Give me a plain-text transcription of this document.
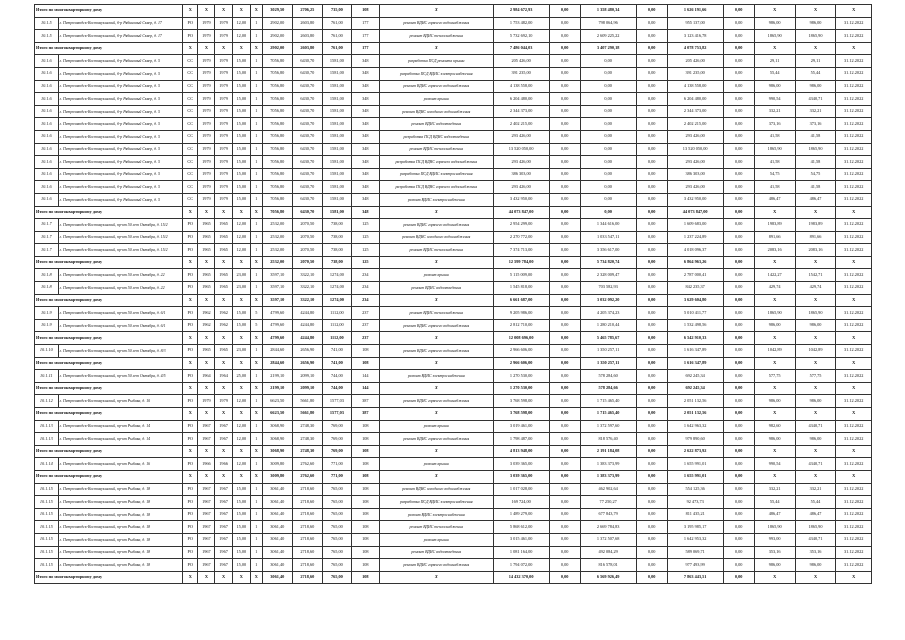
Итого по многоквартирному дому		X	X	X	X	X	3029,50	2706,25	735,00	108	X	2 984 672,93	0,00	1 358 480,34	0,00	1 626 191,66	0,00	X	X	X
10.1.5	г. Петрозаводск-Костомукшский, б-р Рябиновый Сквер, д. 17	РО	1979	1979	12,00	1	2902,00	2603,80	761,00	177	ремонт ВДИС горячего водоснабжения	1 753 482,00	0,00	798 064,96	0,00	955 137,00	0,00	986,00	986,00	31.12.2022
10.1.5	г. Петрозаводск-Костомукшский, б-р Рябиновый Сквер, д. 17	РО	1979	1979	12,00	1	2902,00	2603,80	761,00	177	ремонт ВДИС теплоснабжения	5 732 692,10	0,00	2 609 225,22	0,00	3 123 416,78	0,00	1865,90	1865,90	31.12.2022
Итого по многоквартирному дому		X	X	X	X	X	2902,00	2603,80	761,00	177	X	7 486 044,03	0,00	3 407 290,18	0,00	4 078 753,82	0,00	X	X	X
10.1.6	г. Петрозаводск-Костомукшский, б-р Рябиновый Сквер, д. 5	СС	1979	1979	15,00	1	7056,80	6430,70	1581,00	348	разработка ПСД ремонта крыши	205 426,00	0,00	0,00	0,00	205 426,00	0,00	29,11	29,11	31.12.2022
10.1.6	г. Петрозаводск-Костомукшский, б-р Рябиновый Сквер, д. 5	СС	1979	1979	15,00	1	7056,80	6430,70	1581,00	348	разработка ПСД ВДИС электроснабжения	391 235,00	0,00	0,00	0,00	391 235,00	0,00	55,44	55,44	31.12.2022
10.1.6	г. Петрозаводск-Костомукшский, б-р Рябиновый Сквер, д. 5	СС	1979	1979	15,00	1	7056,80	6430,70	1581,00	348	ремонт ВДИС горячего водоснабжения	4 138 558,00	0,00	0,00	0,00	4 138 558,00	0,00	986,00	986,00	31.12.2022
10.1.6	г. Петрозаводск-Костомукшский, б-р Рябиновый Сквер, д. 5	СС	1979	1979	15,00	1	7056,80	6430,70	1581,00	348	ремонт крыши	6 204 480,00	0,00	0,00	0,00	6 204 480,00	0,00	990,54	4340,71	31.12.2022
10.1.6	г. Петрозаводск-Костомукшский, б-р Рябиновый Сквер, д. 5	СС	1979	1979	15,00	1	7056,80	6430,70	1581,00	348	ремонт ВДИС холодного водоснабжения	2 344 373,00	0,00	0,00	0,00	2 344 373,00	0,00	332,21	332,21	31.12.2022
10.1.6	г. Петрозаводск-Костомукшский, б-р Рябиновый Сквер, д. 5	СС	1979	1979	15,00	1	7056,80	6430,70	1581,00	348	ремонт ВДИС водоотведения	2 402 215,00	0,00	0,00	0,00	2 402 215,00	0,00	373,16	373,16	31.12.2022
10.1.6	г. Петрозаводск-Костомукшский, б-р Рябиновый Сквер, д. 5	СС	1979	1979	15,00	1	7056,80	6430,70	1581,00	348	разработка ПСД ВДИС водоотведения	293 426,00	0,00	0,00	0,00	293 426,00	0,00	41,58	41,58	31.12.2022
10.1.6	г. Петрозаводск-Костомукшский, б-р Рябиновый Сквер, д. 5	СС	1979	1979	15,00	1	7056,80	6430,70	1581,00	348	ремонт ВДИС теплоснабжения	13 520 050,00	0,00	0,00	0,00	13 520 050,00	0,00	1865,90	1865,90	31.12.2022
10.1.6	г. Петрозаводск-Костомукшский, б-р Рябиновый Сквер, д. 5	СС	1979	1979	15,00	1	7056,80	6430,70	1581,00	348	разработка ПСД ВДИС горячего водоснабжения	293 426,00	0,00	0,00	0,00	293 426,00	0,00	41,58	41,58	31.12.2022
10.1.6	г. Петрозаводск-Костомукшский, б-р Рябиновый Сквер, д. 5	СС	1979	1979	15,00	1	7056,80	6430,70	1581,00	348	разработка ПСД ВДИС электроснабжения	386 303,00	0,00	0,00	0,00	386 303,00	0,00	54,75	54,75	31.12.2022
10.1.6	г. Петрозаводск-Костомукшский, б-р Рябиновый Сквер, д. 5	СС	1979	1979	15,00	1	7056,80	6430,70	1581,00	348	разработка ПСД ВДИС горячего водоснабжения	293 426,00	0,00	0,00	0,00	293 426,00	0,00	41,58	41,58	31.12.2022
10.1.6	г. Петрозаводск-Костомукшский, б-р Рябиновый Сквер, д. 5	СС	1979	1979	15,00	1	7056,80	6430,70	1581,00	348	ремонт ВДИС электроснабжения	3 432 950,00	0,00	0,00	0,00	3 432 950,00	0,00	486,47	486,47	31.12.2022
Итого по многоквартирному дому		X	X	X	X	X	7056,80	6430,70	1581,00	348	X	44 073 847,00	0,00	0,00	0,00	44 073 847,00	0,00	X	X	X
10.1.7	г. Петрозаводск-Костомукшский, пр-кт 50 лет Октября, д. 15/2	РО	1965	1965	12,00	1	2532,00	2070,50	738,00	125	ремонт ВДИС горячего водоснабжения	2 954 299,00	0,00	1 344 616,00	0,00	1 609 683,00	0,00	1983,89	1983,89	31.12.2022
10.1.7	г. Петрозаводск-Костомукшский, пр-кт 50 лет Октября, д. 15/2	РО	1965	1965	12,00	1	2532,00	2070,50	738,00	125	ремонт ВДИС холодного водоснабжения	2 270 772,00	0,00	1 033 547,11	0,00	1 237 224,89	0,00	891,66	891,66	31.12.2022
10.1.7	г. Петрозаводск-Костомукшский, пр-кт 50 лет Октября, д. 15/2	РО	1965	1965	12,00	1	2532,00	2070,50	738,00	125	ремонт ВДИС теплоснабжения	7 374 713,00	0,00	3 356 617,00	0,00	4 018 096,37	0,00	2083,16	2083,16	31.12.2022
Итого по многоквартирному дому		X	X	X	X	X	2532,00	2070,50	738,00	125	X	12 599 784,00	0,00	5 734 820,74	0,00	6 864 963,26	0,00	X	X	X
10.1.8	г. Петрозаводск-Костомукшский, пр-кт 50 лет Октября, д. 22	РО	1965	1965	23,00	1	3597,10	3322,10	1274,00	234	ремонт крыши	5 115 009,00	0,00	2 328 009,47	0,00	2 787 000,41	0,00	1422,27	1542,71	31.12.2022
10.1.8	г. Петрозаводск-Костомукшский, пр-кт 50 лет Октября, д. 22	РО	1965	1965	23,00	1	3597,10	3322,10	1274,00	234	ремонт ВДИС водоотведения	1 545 818,00	0,00	703 582,93	0,00	842 235,37	0,00	429,74	429,74	31.12.2022
Итого по многоквартирному дому		X	X	X	X	X	3597,10	3322,10	1274,00	234	X	6 661 687,00	0,00	3 032 092,20	0,00	3 629 604,80	0,00	X	X	X
10.1.9	г. Петрозаводск-Костомукшский, пр-кт 50 лет Октября, д. 6/1	РО	1962	1962	15,00	5	4799,60	4244,80	1112,00	237	ремонт ВДИС теплоснабжения	9 205 986,00	0,00	4 205 374,23	0,00	5 010 411,77	0,00	1865,90	1865,90	31.12.2022
10.1.9	г. Петрозаводск-Костомукшский, пр-кт 50 лет Октября, д. 6/1	РО	1962	1962	15,00	5	4799,60	4244,80	1112,00	237	ремонт ВДИС горячего водоснабжения	2 812 710,00	0,00	1 280 210,44	0,00	1 532 498,56	0,00	986,00	986,00	31.12.2022
Итого по многоквартирному дому		X	X	X	X	X	4799,60	4244,80	1112,00	237	X	12 008 696,00	0,00	5 465 785,67	0,00	6 542 910,33	0,00	X	X	X
10.1.10	г. Петрозаводск-Костомукшский, пр-кт 50 лет Октября, д. 8/3	РО	1965	1965	23,00	1	2844,60	2656,90	741,00	108	ремонт ВДИС горячего водоснабжения	2 966 606,00	0,00	1 350 257,11	0,00	1 616 347,89	0,00	1042,89	1042,89	31.12.2022
Итого по многоквартирному дому		X	X	X	X	X	2844,60	2656,90	741,00	108	X	2 966 606,00	0,00	1 350 257,11	0,00	1 616 347,89	0,00	X	X	X
10.1.11	г. Петрозаводск-Костомукшский, пр-кт 50 лет Октября, д. 4/5	РО	1964	1964	25,00	1	2199,10	2099,10	744,00	144	ремонт ВДИС электроснабжения	1 270 530,00	0,00	578 284,60	0,00	692 245,34	0,00	577,75	577,75	31.12.2022
Итого по многоквартирному дому		X	X	X	X	X	2199,10	2099,10	744,00	144	X	1 270 530,00	0,00	578 284,66	0,00	692 245,34	0,00	X	X	X
10.1.12	г. Петрозаводск-Костомукшский, пр-кт Рыбака, д. 10	РО	1979	1979	12,00	1	6623,50	5661,80	1577,03	387	ремонт ВДИС горячего водоснабжения	3 768 598,00	0,00	1 715 465,40	0,00	2 051 132,56	0,00	986,00	986,00	31.12.2022
Итого по многоквартирному дому		X	X	X	X	X	6623,50	5661,80	1577,03	387	X	3 768 598,00	0,00	1 715 465,40	0,00	2 051 132,56	0,00	X	X	X
10.1.13	г. Петрозаводск-Костомукшский, пр-кт Рыбака, д. 14	РО	1967	1967	12,00	1	3068,90	2748,30	769,00	108	ремонт крыши	3 019 461,00	0,00	1 372 597,60	0,00	1 642 963,32	0,00	982,60	4340,71	31.12.2022
10.1.13	г. Петрозаводск-Костомукшский, пр-кт Рыбака, д. 14	РО	1967	1967	12,00	1	3068,90	2748,30	769,00	108	ремонт ВДИС горячего водоснабжения	1 798 487,00	0,00	818 576,40	0,00	979 890,60	0,00	986,00	986,00	31.12.2022
Итого по многоквартирному дому		X	X	X	X	X	3068,90	2748,30	769,00	108	X	4 813 948,00	0,00	2 191 184,08	0,00	2 622 873,92	0,00	X	X	X
10.1.14	г. Петрозаводск-Костомукшский, пр-кт Рыбака, д. 16	РО	1966	1966	12,00	1	3009,80	2762,60	771,00	108	ремонт крыши	3 039 365,00	0,00	1 383 373,99	0,00	1 655 991,01	0,00	990,54	4340,71	31.12.2022
Итого по многоквартирному дому		X	X	X	X	X	3009,80	2762,60	771,00	108	X	3 039 365,00	0,00	1 383 373,99	0,00	1 655 991,01	0,00	X	X	X
10.1.15	г. Петрозаводск-Костомукшский, пр-кт Рыбака, д. 18	РО	1967	1967	15,00	1	3061,40	2718,60	765,00	108	ремонт ВДИС холодного водоснабжения	1 017 028,00	0,00	462 902,64	0,00	554 125,36	0,00	332,21	332,21	31.12.2022
10.1.15	г. Петрозаводск-Костомукшский, пр-кт Рыбака, д. 18	РО	1967	1967	15,00	1	3061,40	2718,60	765,00	108	разработка ПСД ВДИС электроснабжения	169 724,00	0,00	77 250,27	0,00	92 473,73	0,00	55,44	55,44	31.12.2022
10.1.15	г. Петрозаводск-Костомукшский, пр-кт Рыбака, д. 18	РО	1967	1967	15,00	1	3061,40	2718,60	765,00	108	ремонт ВДИС электроснабжения	1 489 279,00	0,00	677 843,79	0,00	811 435,21	0,00	486,47	486,47	31.12.2022
10.1.15	г. Петрозаводск-Костомукшский, пр-кт Рыбака, д. 18	РО	1967	1967	15,00	1	3061,40	2718,60	765,00	108	ремонт ВДИС теплоснабжения	5 868 612,00	0,00	2 669 784,83	0,00	3 195 985,17	0,00	1865,90	1865,90	31.12.2022
10.1.15	г. Петрозаводск-Костомукшский, пр-кт Рыбака, д. 18	РО	1967	1967	15,00	1	3061,40	2718,60	765,00	108	ремонт крыши	3 015 461,00	0,00	1 372 507,68	0,00	1 642 953,32	0,00	993,00	4340,71	31.12.2022
10.1.15	г. Петрозаводск-Костомукшский, пр-кт Рыбака, д. 18	РО	1967	1967	15,00	1	3061,40	2718,60	765,00	108	ремонт ВДИС водоотведения	1 081 164,00	0,00	492 084,29	0,00	589 069,71	0,00	353,16	353,16	31.12.2022
10.1.15	г. Петрозаводск-Костомукшский, пр-кт Рыбака, д. 18	РО	1967	1967	15,00	1	3061,40	2718,60	765,00	108	ремонт ВДИС горячего водоснабжения	1 794 072,00	0,00	816 578,01	0,00	977 493,99	0,00	986,00	986,00	31.12.2022
Итого по многоквартирному дому		X	X	X	X	X	3061,40	2718,60	765,00	108	X	14 432 370,00	0,00	6 569 926,49	0,00	7 863 443,51	0,00	X	X	X
